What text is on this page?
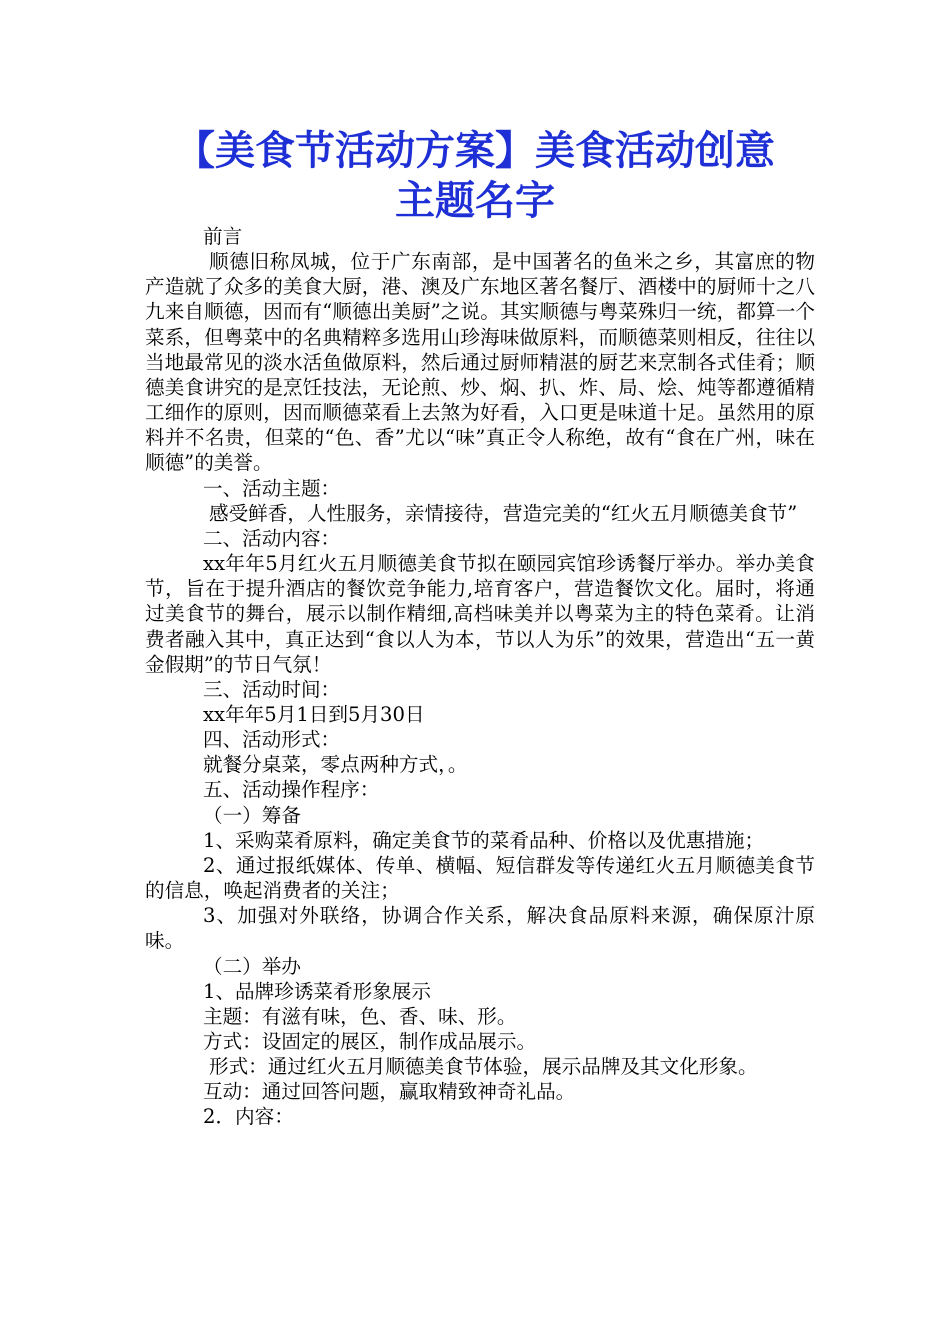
【美食节活动方案】美食活动创意
主题名字

前言

顺德旧称凤城，位于广东南部，是中国著名的鱼米之乡，其富庶的物产造就了众多的美食大厨，港、澳及广东地区著名餐厅、酒楼中的厨师十之八九来自顺德，因而有“顺德出美厨”之说。其实顺德与粤菜殊归一统，都算一个菜系，但粤菜中的名典精粹多选用山珍海味做原料，而顺德菜则相反，往往以当地最常见的淡水活鱼做原料，然后通过厨师精湛的厨艺来烹制各式佳肴；顺德美食讲究的是烹饪技法，无论煎、炒、焖、扒、炸、局、烩、炖等都遵循精工细作的原则，因而顺德菜看上去煞为好看，入口更是味道十足。虽然用的原料并不名贵，但菜的“色、香”尤以“味”真正令人称绝，故有“食在广州，味在顺德”的美誉。

一、活动主题：

感受鲜香，人性服务，亲情接待，营造完美的“红火五月顺德美食节”

二、活动内容：

xx年年5月红火五月顺德美食节拟在颐园宾馆珍诱餐厅举办。举办美食节，旨在于提升酒店的餐饮竞争能力,培育客户，营造餐饮文化。届时，将通过美食节的舞台，展示以制作精细,高档味美并以粤菜为主的特色菜肴。让消费者融入其中，真正达到“食以人为本，节以人为乐”的效果，营造出“五一黄金假期”的节日气氛！

三、活动时间：

xx年年5月1日到5月30日

四、活动形式：

就餐分桌菜，零点两种方式，。

五、活动操作程序：

（一）筹备

1、采购菜肴原料，确定美食节的菜肴品种、价格以及优惠措施；

2、通过报纸媒体、传单、横幅、短信群发等传递红火五月顺德美食节的信息，唤起消费者的关注；

3、加强对外联络，协调合作关系，解决食品原料来源，确保原汁原味。

（二）举办

1、品牌珍诱菜肴形象展示

主题：有滋有味，色、香、味、形。

方式：设固定的展区，制作成品展示。

形式：通过红火五月顺德美食节体验，展示品牌及其文化形象。

互动：通过回答问题，赢取精致神奇礼品。

2．内容：
